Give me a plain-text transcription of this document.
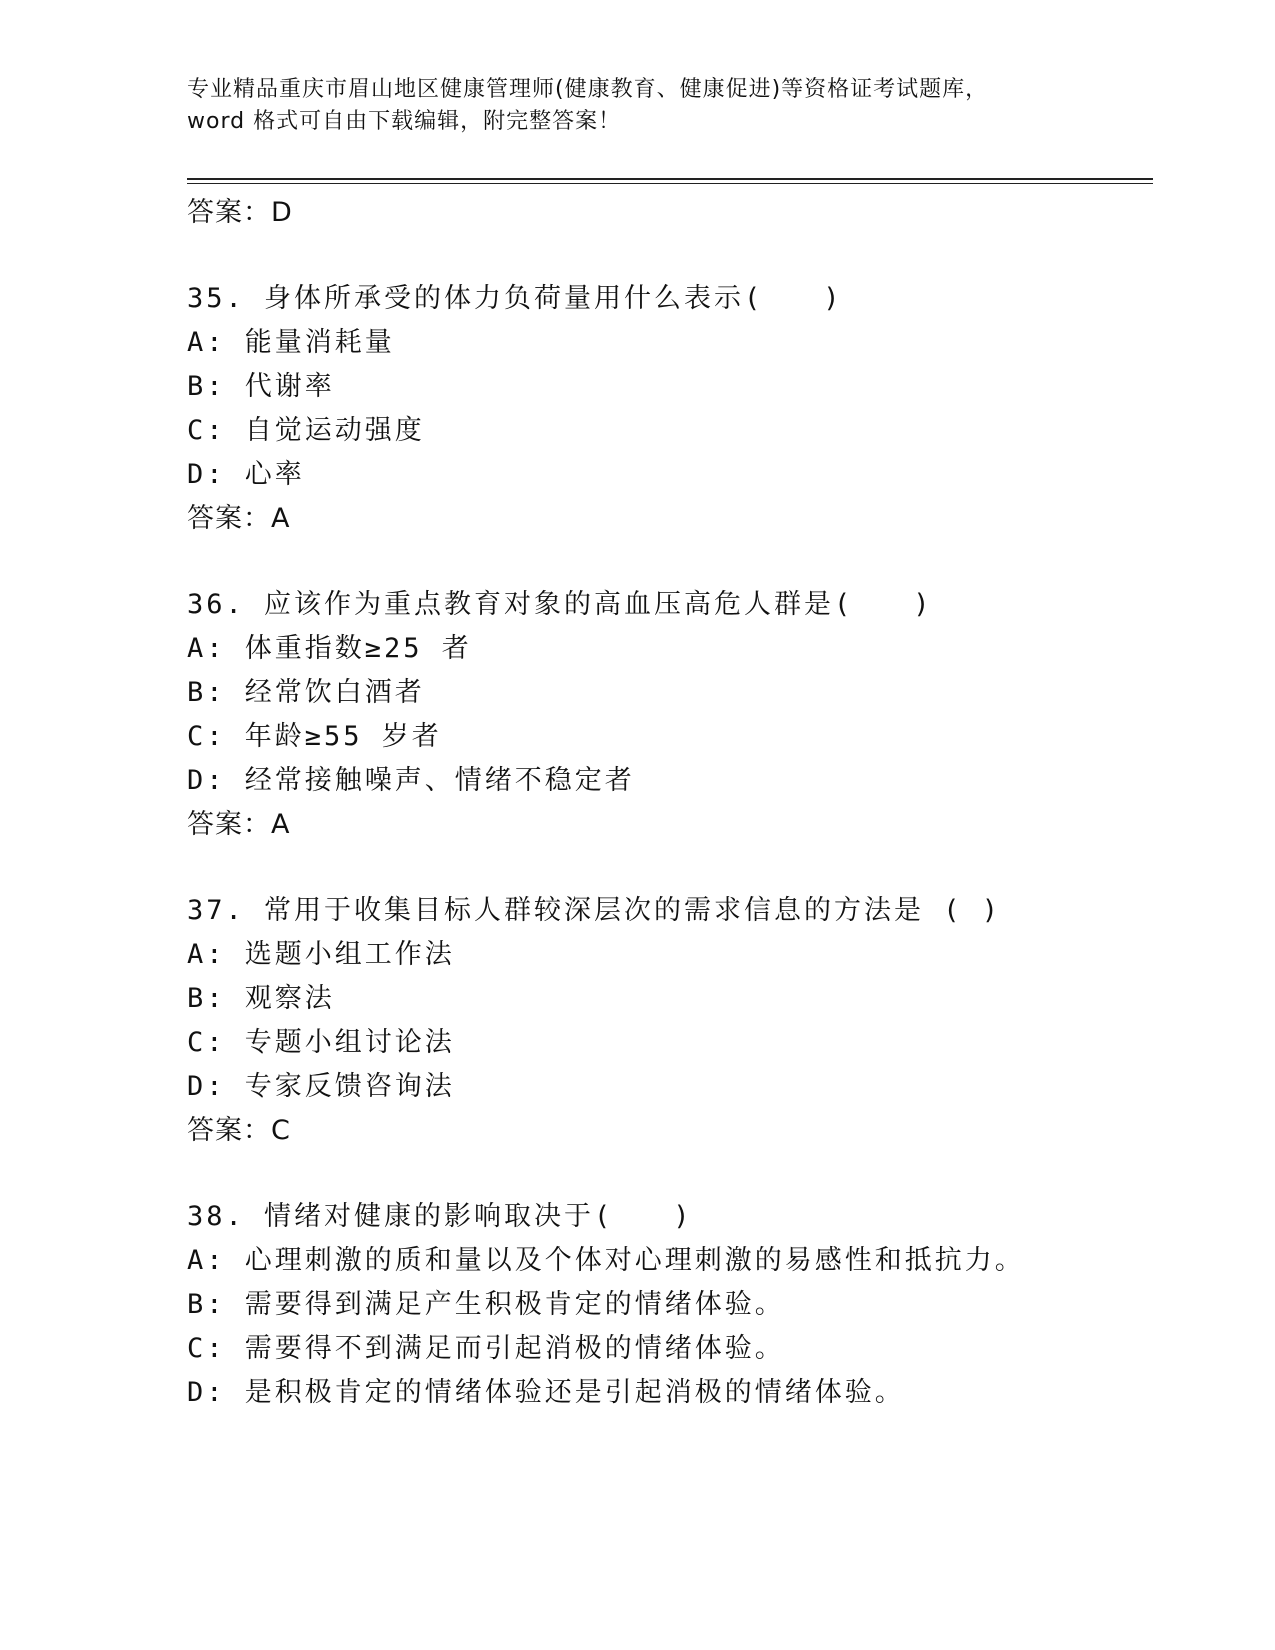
专业精品重庆市眉山地区健康管理师(健康教育、健康促进)等资格证考试题库，
word 格式可自由下载编辑，附完整答案！
答案：D
35. 身体所承受的体力负荷量用什么表示(　　)
A: 能量消耗量
B: 代谢率
C: 自觉运动强度
D: 心率
答案：A
36. 应该作为重点教育对象的高血压高危人群是(　　)
A: 体重指数≥25 者
B: 经常饮白酒者
C: 年龄≥55 岁者
D: 经常接触噪声、情绪不稳定者
答案：A
37. 常用于收集目标人群较深层次的需求信息的方法是 ( )
A: 选题小组工作法
B: 观察法
C: 专题小组讨论法
D: 专家反馈咨询法
答案：C
38. 情绪对健康的影响取决于(　　)
A: 心理刺激的质和量以及个体对心理刺激的易感性和抵抗力。
B: 需要得到满足产生积极肯定的情绪体验。
C: 需要得不到满足而引起消极的情绪体验。
D: 是积极肯定的情绪体验还是引起消极的情绪体验。
